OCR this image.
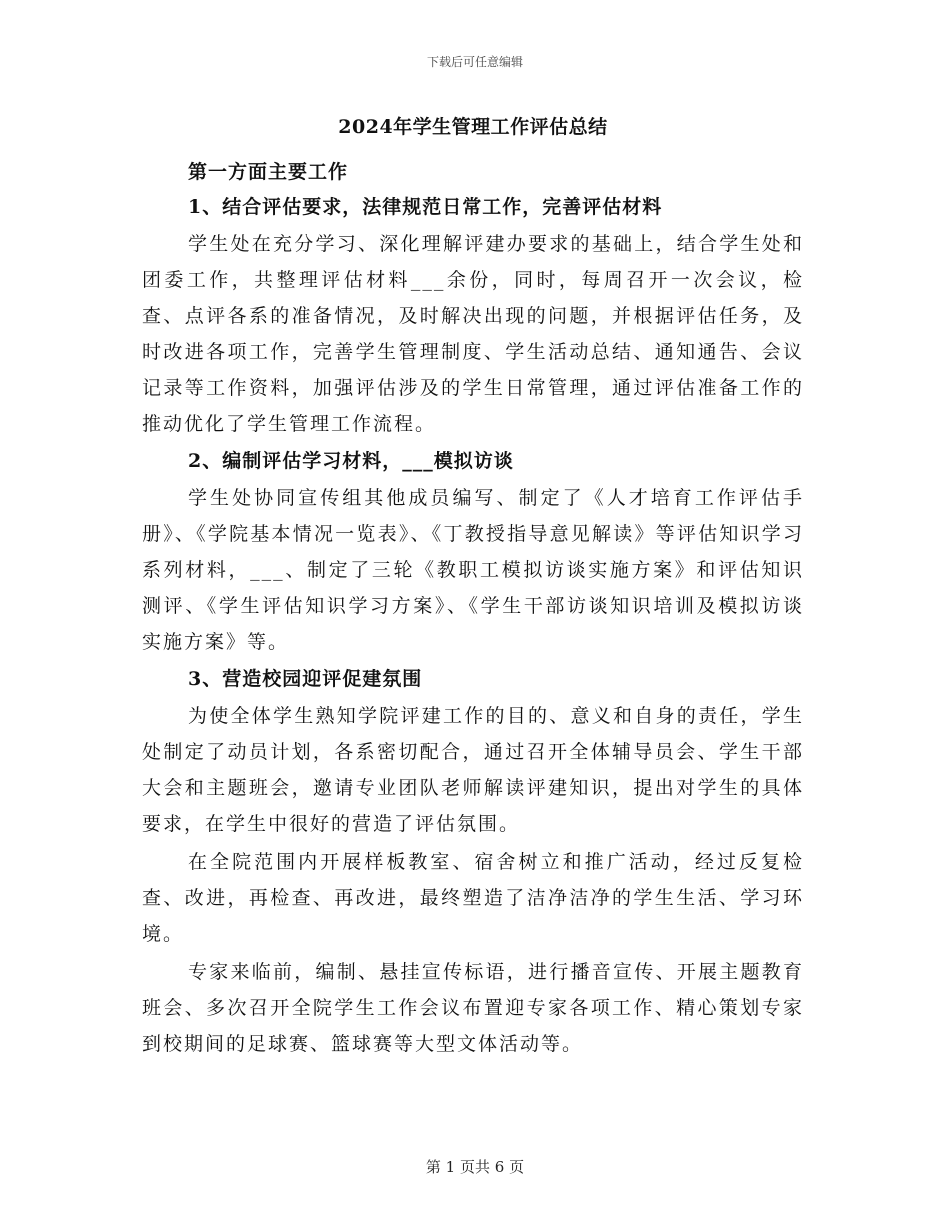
下载后可任意编辑
2024年学生管理工作评估总结
第一方面主要工作
1、结合评估要求，法律规范日常工作，完善评估材料

学生处在充分学习、深化理解评建办要求的基础上，结合学生处和团委工作，共整理评估材料___余份，同时，每周召开一次会议，检查、点评各系的准备情况，及时解决出现的问题，并根据评估任务，及时改进各项工作，完善学生管理制度、学生活动总结、通知通告、会议记录等工作资料，加强评估涉及的学生日常管理，通过评估准备工作的推动优化了学生管理工作流程。

2、编制评估学习材料，___模拟访谈

学生处协同宣传组其他成员编写、制定了《人才培育工作评估手册》、《学院基本情况一览表》、《丁教授指导意见解读》等评估知识学习系列材料，___、制定了三轮《教职工模拟访谈实施方案》和评估知识测评、《学生评估知识学习方案》、《学生干部访谈知识培训及模拟访谈实施方案》等。

3、营造校园迎评促建氛围

为使全体学生熟知学院评建工作的目的、意义和自身的责任，学生处制定了动员计划，各系密切配合，通过召开全体辅导员会、学生干部大会和主题班会，邀请专业团队老师解读评建知识，提出对学生的具体要求，在学生中很好的营造了评估氛围。

在全院范围内开展样板教室、宿舍树立和推广活动，经过反复检查、改进，再检查、再改进，最终塑造了洁净洁净的学生生活、学习环境。

专家来临前，编制、悬挂宣传标语，进行播音宣传、开展主题教育班会、多次召开全院学生工作会议布置迎专家各项工作、精心策划专家到校期间的足球赛、篮球赛等大型文体活动等。

第 1 页共 6 页
